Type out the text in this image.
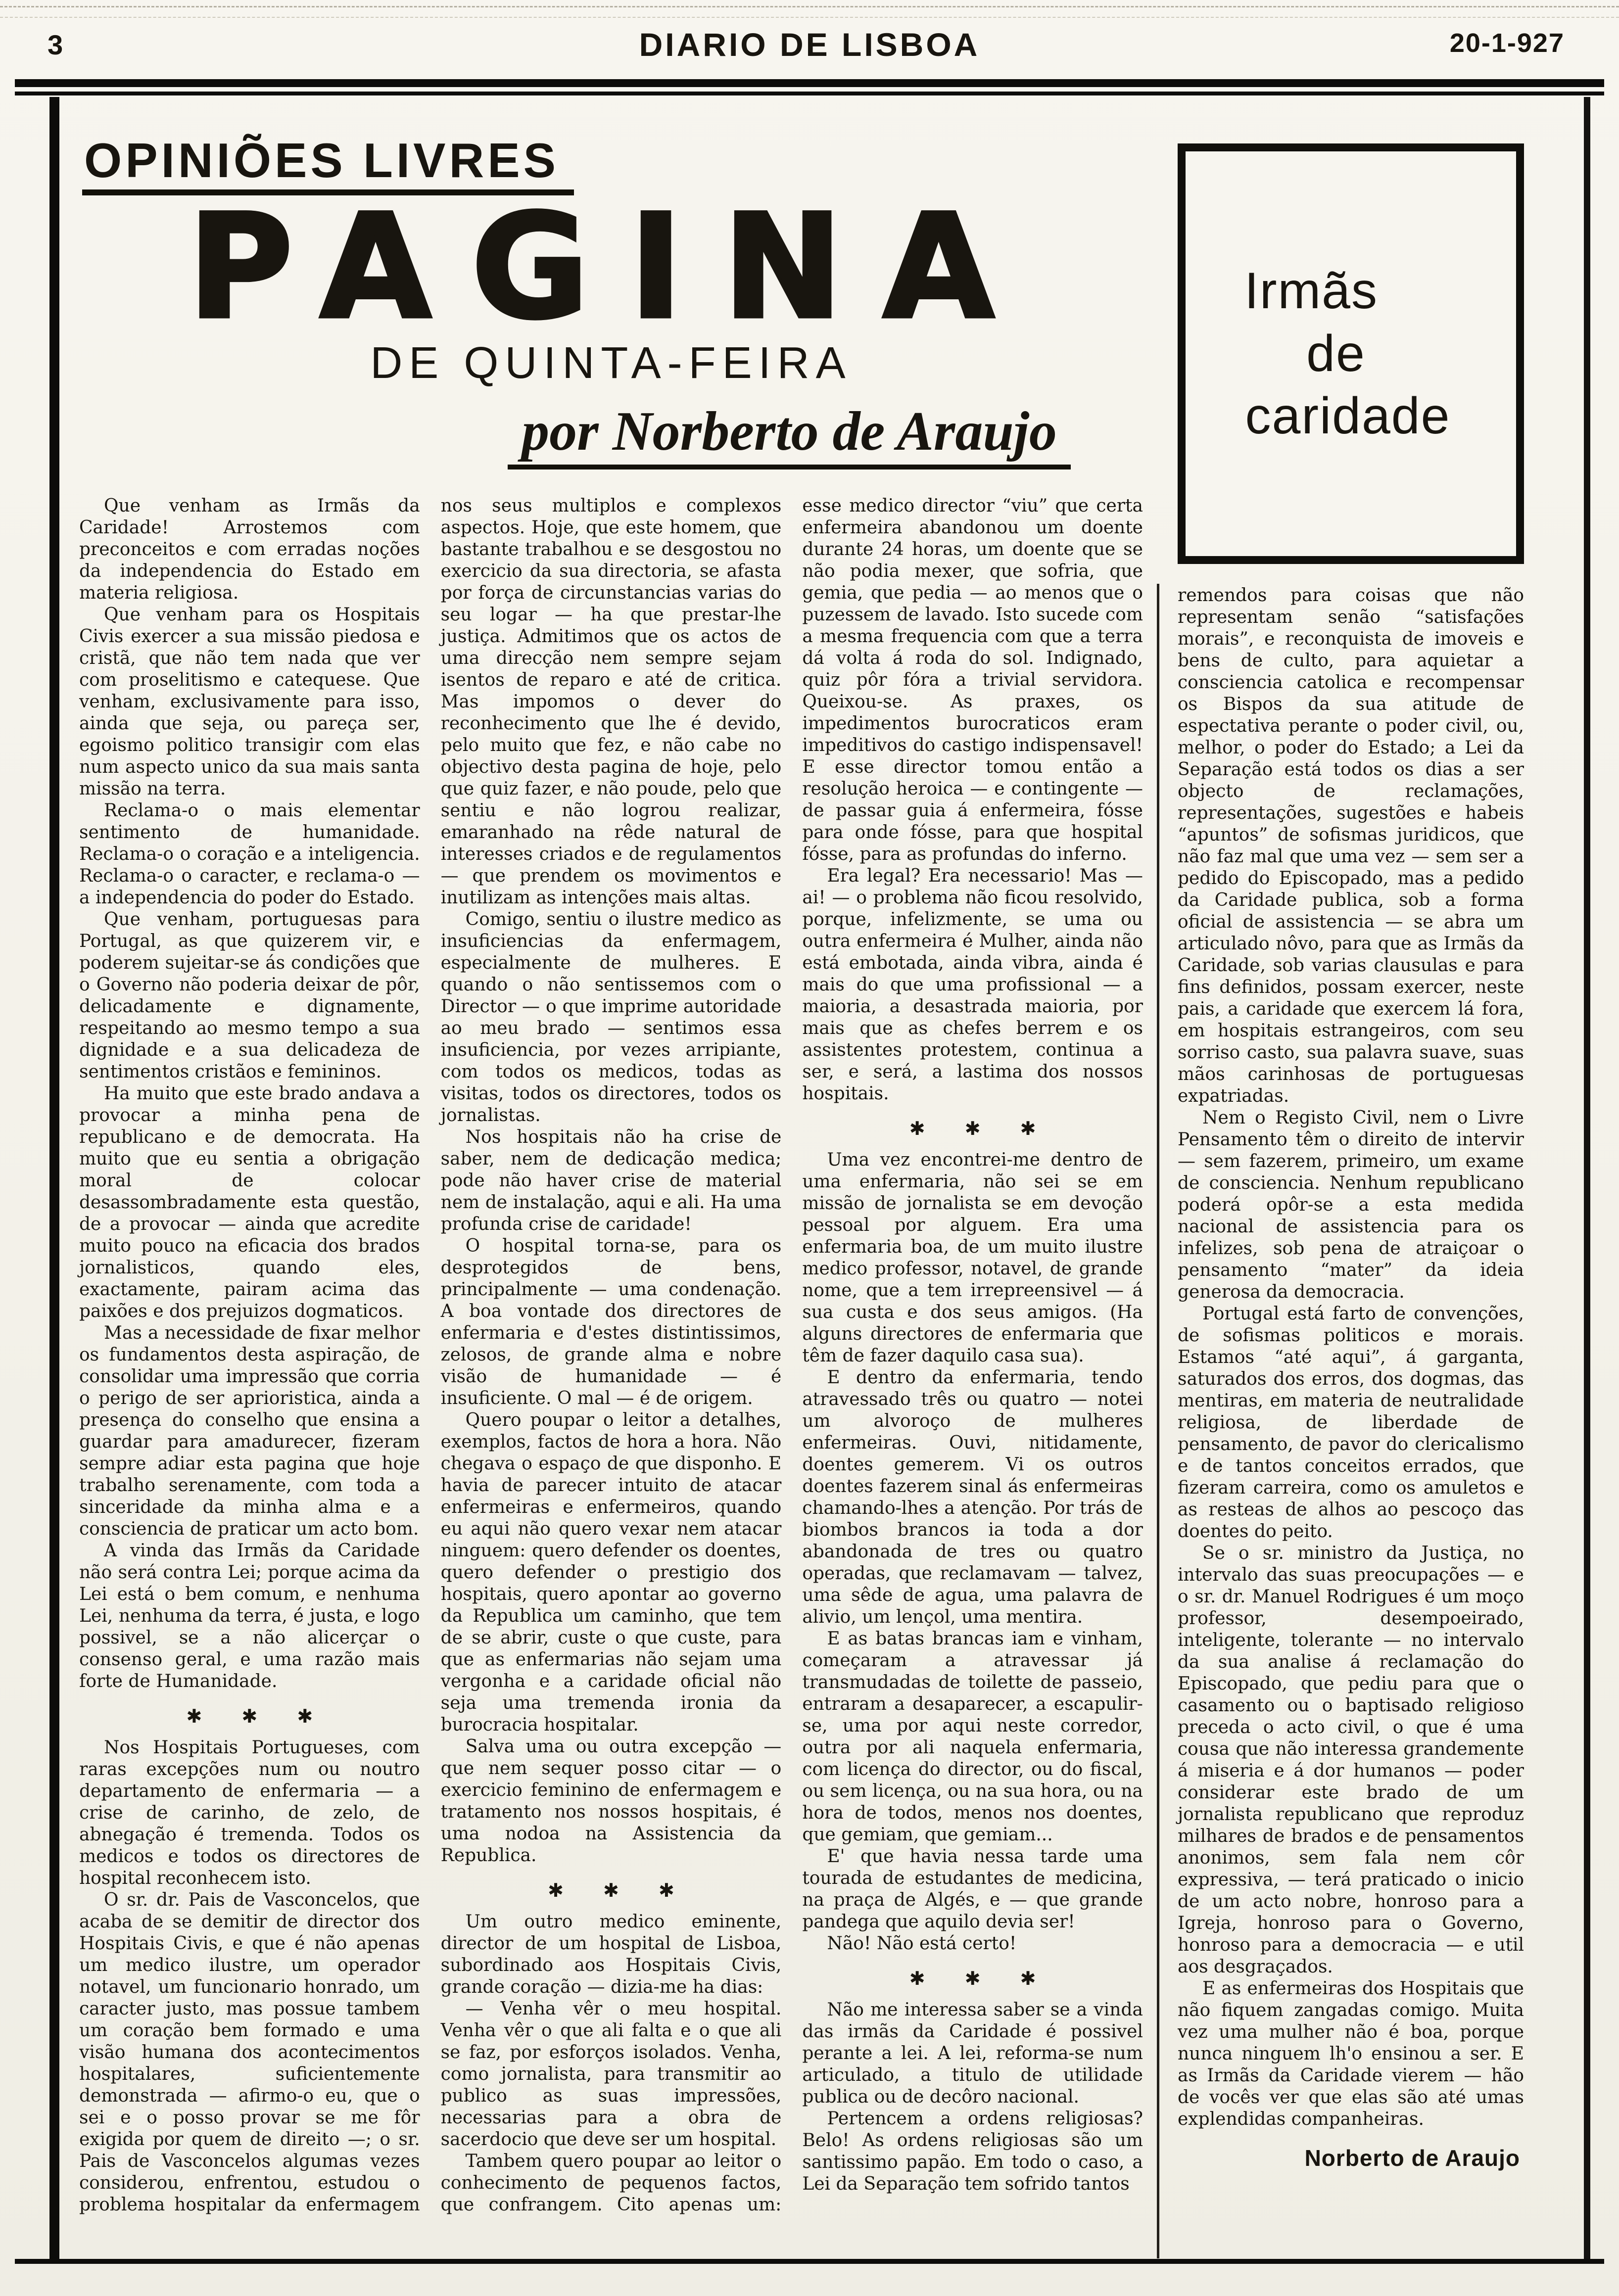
3	DIARIO DE LISBOA	20-1-927
OPINIÕES LIVRES
PAGINA
DE QUINTA-FEIRA
por Norberto de Araujo

Que venham as Irmãs da Caridade! Arrostemos com preconceitos e com erradas noções da independencia do Estado em materia religiosa.

Que venham para os Hospitais Civis exercer a sua missão piedosa e cristã, que não tem nada que ver com proselitismo e catequese. Que venham, exclusivamente para isso, ainda que seja, ou pareça ser, egoismo politico transigir com elas num aspecto unico da sua mais santa missão na terra.

Reclama-o o mais elementar sentimento de humanidade. Reclama-o o coração e a inteligencia. Reclama-o o caracter, e reclama-o — a independencia do poder do Estado.

Que venham, portuguesas para Portugal, as que quizerem vir, e poderem sujeitar-se ás condições que o Governo não poderia deixar de pôr, delicadamente e dignamente, respeitando ao mesmo tempo a sua dignidade e a sua delicadeza de sentimentos cristãos e femininos.

Ha muito que este brado andava a provocar a minha pena de republicano e de democrata. Ha muito que eu sentia a obrigação moral de colocar desassombradamente esta questão, de a provocar — ainda que acredite muito pouco na eficacia dos brados jornalisticos, quando eles, exactamente, pairam acima das paixões e dos prejuizos dogmaticos.

Mas a necessidade de fixar melhor os fundamentos desta aspiração, de consolidar uma impressão que corria o perigo de ser aprioristica, ainda a presença do conselho que ensina a guardar para amadurecer, fizeram sempre adiar esta pagina que hoje trabalho serenamente, com toda a sinceridade da minha alma e a consciencia de praticar um acto bom.

A vinda das Irmãs da Caridade não será contra Lei; porque acima da Lei está o bem comum, e nenhuma Lei, nenhuma da terra, é justa, e logo possivel, se a não alicerçar o consenso geral, e uma razão mais forte de Humanidade.

✱ ✱ ✱

Nos Hospitais Portugueses, com raras excepções num ou noutro departamento de enfermaria — a crise de carinho, de zelo, de abnegação é tremenda. Todos os medicos e todos os directores de hospital reconhecem isto.

O sr. dr. Pais de Vasconcelos, que acaba de se demitir de director dos Hospitais Civis, e que é não apenas um medico ilustre, um operador notavel, um funcionario honrado, um caracter justo, mas possue tambem um coração bem formado e uma visão humana dos acontecimentos hospitalares, suficientemente demonstrada — afirmo-o eu, que o sei e o posso provar se me fôr exigida por quem de direito —; o sr. Pais de Vasconcelos algumas vezes considerou, enfrentou, estudou o problema hospitalar da enfermagem nos seus multiplos e complexos aspectos. Hoje, que este homem, que bastante trabalhou e se desgostou no exercicio da sua directoria, se afasta por força de circunstancias varias do seu logar — ha que prestar-lhe justiça. Admitimos que os actos de uma direcção nem sempre sejam isentos de reparo e até de critica. Mas impomos o dever do reconhecimento que lhe é devido, pelo muito que fez, e não cabe no objectivo desta pagina de hoje, pelo que quiz fazer, e não poude, pelo que sentiu e não logrou realizar, emaranhado na rêde natural de interesses criados e de regulamentos — que prendem os movimentos e inutilizam as intenções mais altas.

Comigo, sentiu o ilustre medico as insuficiencias da enfermagem, especialmente de mulheres. E quando o não sentissemos com o Director — o que imprime autoridade ao meu brado — sentimos essa insuficiencia, por vezes arripiante, com todos os medicos, todas as visitas, todos os directores, todos os jornalistas.

Nos hospitais não ha crise de saber, nem de dedicação medica; pode não haver crise de material nem de instalação, aqui e ali. Ha uma profunda crise de caridade!

O hospital torna-se, para os desprotegidos de bens, principalmente — uma condenação. A boa vontade dos directores de enfermaria e d'estes distintissimos, zelosos, de grande alma e nobre visão de humanidade — é insuficiente. O mal — é de origem.

Quero poupar o leitor a detalhes, exemplos, factos de hora a hora. Não chegava o espaço de que disponho. E havia de parecer intuito de atacar enfermeiras e enfermeiros, quando eu aqui não quero vexar nem atacar ninguem: quero defender os doentes, quero defender o prestigio dos hospitais, quero apontar ao governo da Republica um caminho, que tem de se abrir, custe o que custe, para que as enfermarias não sejam uma vergonha e a caridade oficial não seja uma tremenda ironia da burocracia hospitalar.

Salva uma ou outra excepção — que nem sequer posso citar — o exercicio feminino de enfermagem e tratamento nos nossos hospitais, é uma nodoa na Assistencia da Republica.

✱ ✱ ✱

Um outro medico eminente, director de um hospital de Lisboa, subordinado aos Hospitais Civis, grande coração — dizia-me ha dias:

— Venha vêr o meu hospital. Venha vêr o que ali falta e o que ali se faz, por esforços isolados. Venha, como jornalista, para transmitir ao publico as suas impressões, necessarias para a obra de sacerdocio que deve ser um hospital.

Tambem quero poupar ao leitor o conhecimento de pequenos factos, que confrangem. Cito apenas um: esse medico director “viu” que certa enfermeira abandonou um doente durante 24 horas, um doente que se não podia mexer, que sofria, que gemia, que pedia — ao menos que o puzessem de lavado. Isto sucede com a mesma frequencia com que a terra dá volta á roda do sol. Indignado, quiz pôr fóra a trivial servidora. Queixou-se. As praxes, os impedimentos burocraticos eram impeditivos do castigo indispensavel! E esse director tomou então a resolução heroica — e contingente — de passar guia á enfermeira, fósse para onde fósse, para que hospital fósse, para as profundas do inferno.

Era legal? Era necessario! Mas — ai! — o problema não ficou resolvido, porque, infelizmente, se uma ou outra enfermeira é Mulher, ainda não está embotada, ainda vibra, ainda é mais do que uma profissional — a maioria, a desastrada maioria, por mais que as chefes berrem e os assistentes protestem, continua a ser, e será, a lastima dos nossos hospitais.

✱ ✱ ✱

Uma vez encontrei-me dentro de uma enfermaria, não sei se em missão de jornalista se em devoção pessoal por alguem. Era uma enfermaria boa, de um muito ilustre medico professor, notavel, de grande nome, que a tem irrepreensivel — á sua custa e dos seus amigos. (Ha alguns directores de enfermaria que têm de fazer daquilo casa sua).

E dentro da enfermaria, tendo atravessado três ou quatro — notei um alvoroço de mulheres enfermeiras. Ouvi, nitidamente, doentes gemerem. Vi os outros doentes fazerem sinal ás enfermeiras chamando-lhes a atenção. Por trás de biombos brancos ia toda a dor abandonada de tres ou quatro operadas, que reclamavam — talvez, uma sêde de agua, uma palavra de alivio, um lençol, uma mentira.

E as batas brancas iam e vinham, começaram a atravessar já transmudadas de toilette de passeio, entraram a desaparecer, a escapulir-se, uma por aqui neste corredor, outra por ali naquela enfermaria, com licença do director, ou do fiscal, ou sem licença, ou na sua hora, ou na hora de todos, menos nos doentes, que gemiam, que gemiam...

E' que havia nessa tarde uma tourada de estudantes de medicina, na praça de Algés, e — que grande pandega que aquilo devia ser!

Não! Não está certo!

✱ ✱ ✱

Não me interessa saber se a vinda das irmãs da Caridade é possivel perante a lei. A lei, reforma-se num articulado, a titulo de utilidade publica ou de decôro nacional.

Pertencem a ordens religiosas? Belo! As ordens religiosas são um santissimo papão. Em todo o caso, a Lei da Separação tem sofrido tantos

Irmãs
de
caridade

remendos para coisas que não representam senão “satisfações morais”, e reconquista de imoveis e bens de culto, para aquietar a consciencia catolica e recompensar os Bispos da sua atitude de espectativa perante o poder civil, ou, melhor, o poder do Estado; a Lei da Separação está todos os dias a ser objecto de reclamações, representações, sugestões e habeis “apuntos” de sofismas juridicos, que não faz mal que uma vez — sem ser a pedido do Episcopado, mas a pedido da Caridade publica, sob a forma oficial de assistencia — se abra um articulado nôvo, para que as Irmãs da Caridade, sob varias clausulas e para fins definidos, possam exercer, neste pais, a caridade que exercem lá fora, em hospitais estrangeiros, com seu sorriso casto, sua palavra suave, suas mãos carinhosas de portuguesas expatriadas.

Nem o Registo Civil, nem o Livre Pensamento têm o direito de intervir — sem fazerem, primeiro, um exame de consciencia. Nenhum republicano poderá opôr-se a esta medida nacional de assistencia para os infelizes, sob pena de atraiçoar o pensamento “mater” da ideia generosa da democracia.

Portugal está farto de convenções, de sofismas politicos e morais. Estamos “até aqui”, á garganta, saturados dos erros, dos dogmas, das mentiras, em materia de neutralidade religiosa, de liberdade de pensamento, de pavor do clericalismo e de tantos conceitos errados, que fizeram carreira, como os amuletos e as resteas de alhos ao pescoço das doentes do peito.

Se o sr. ministro da Justiça, no intervalo das suas preocupações — e o sr. dr. Manuel Rodrigues é um moço professor, desempoeirado, inteligente, tolerante — no intervalo da sua analise á reclamação do Episcopado, que pediu para que o casamento ou o baptisado religioso preceda o acto civil, o que é uma cousa que não interessa grandemente á miseria e á dor humanos — poder considerar este brado de um jornalista republicano que reproduz milhares de brados e de pensamentos anonimos, sem fala nem côr expressiva, — terá praticado o inicio de um acto nobre, honroso para a Igreja, honroso para o Governo, honroso para a democracia — e util aos desgraçados.

E as enfermeiras dos Hospitais que não fiquem zangadas comigo. Muita vez uma mulher não é boa, porque nunca ninguem lh'o ensinou a ser. E as Irmãs da Caridade vierem — hão de vocês ver que elas são até umas explendidas companheiras.

Norberto de Araujo
